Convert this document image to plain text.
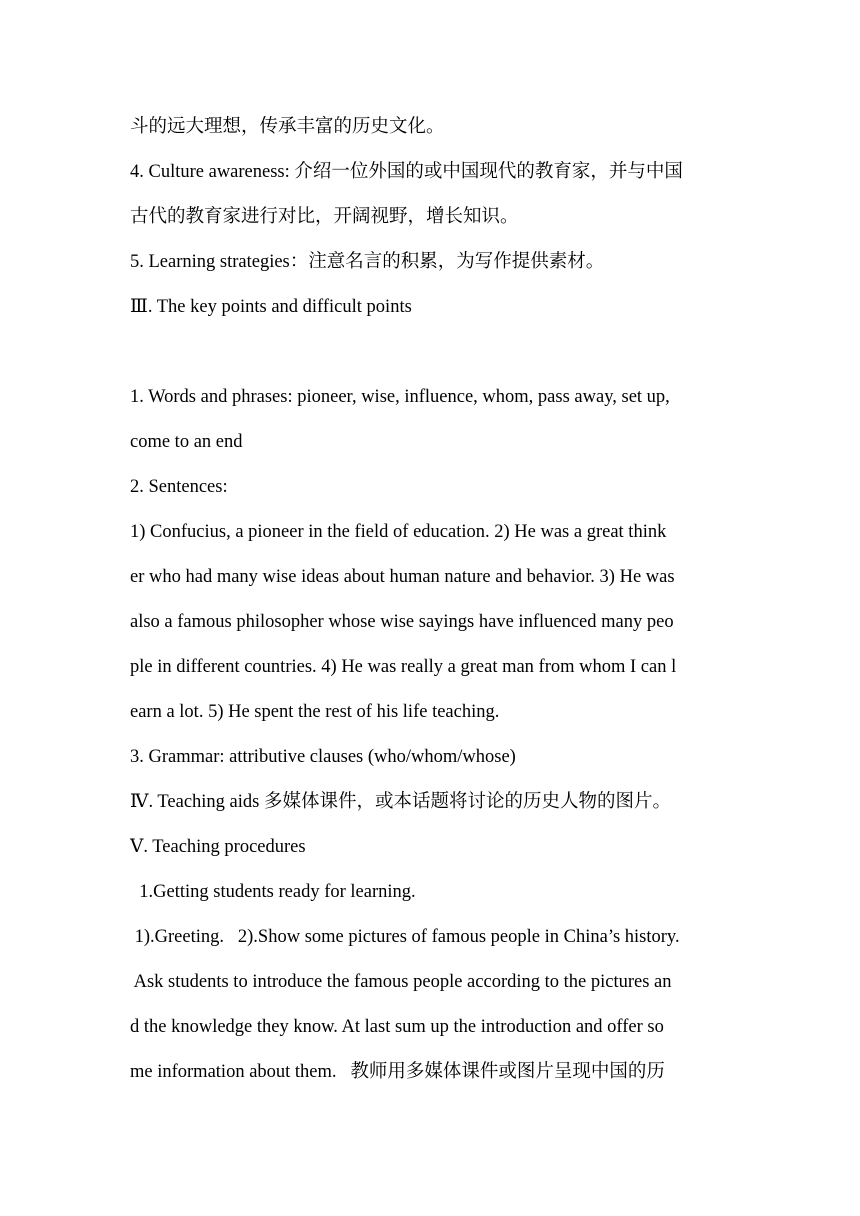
斗的远大理想，传承丰富的历史文化。
4. Culture awareness: 介绍一位外国的或中国现代的教育家，并与中国
古代的教育家进行对比，开阔视野，增长知识。
5. Learning strategies：注意名言的积累，为写作提供素材。
Ⅲ. The key points and difficult points
1. Words and phrases: pioneer, wise, influence, whom, pass away, set up,
come to an end
2. Sentences:
1) Confucius, a pioneer in the field of education. 2) He was a great think
er who had many wise ideas about human nature and behavior. 3) He was
also a famous philosopher whose wise sayings have influenced many peo
ple in different countries. 4) He was really a great man from whom I can l
earn a lot. 5) He spent the rest of his life teaching.
3. Grammar: attributive clauses (who/whom/whose)
Ⅳ. Teaching aids 多媒体课件，或本话题将讨论的历史人物的图片。
Ⅴ. Teaching procedures
1.Getting students ready for learning.
1).Greeting.   2).Show some pictures of famous people in China’s history.
Ask students to introduce the famous people according to the pictures an
d the knowledge they know. At last sum up the introduction and offer so
me information about them.   教师用多媒体课件或图片呈现中国的历
